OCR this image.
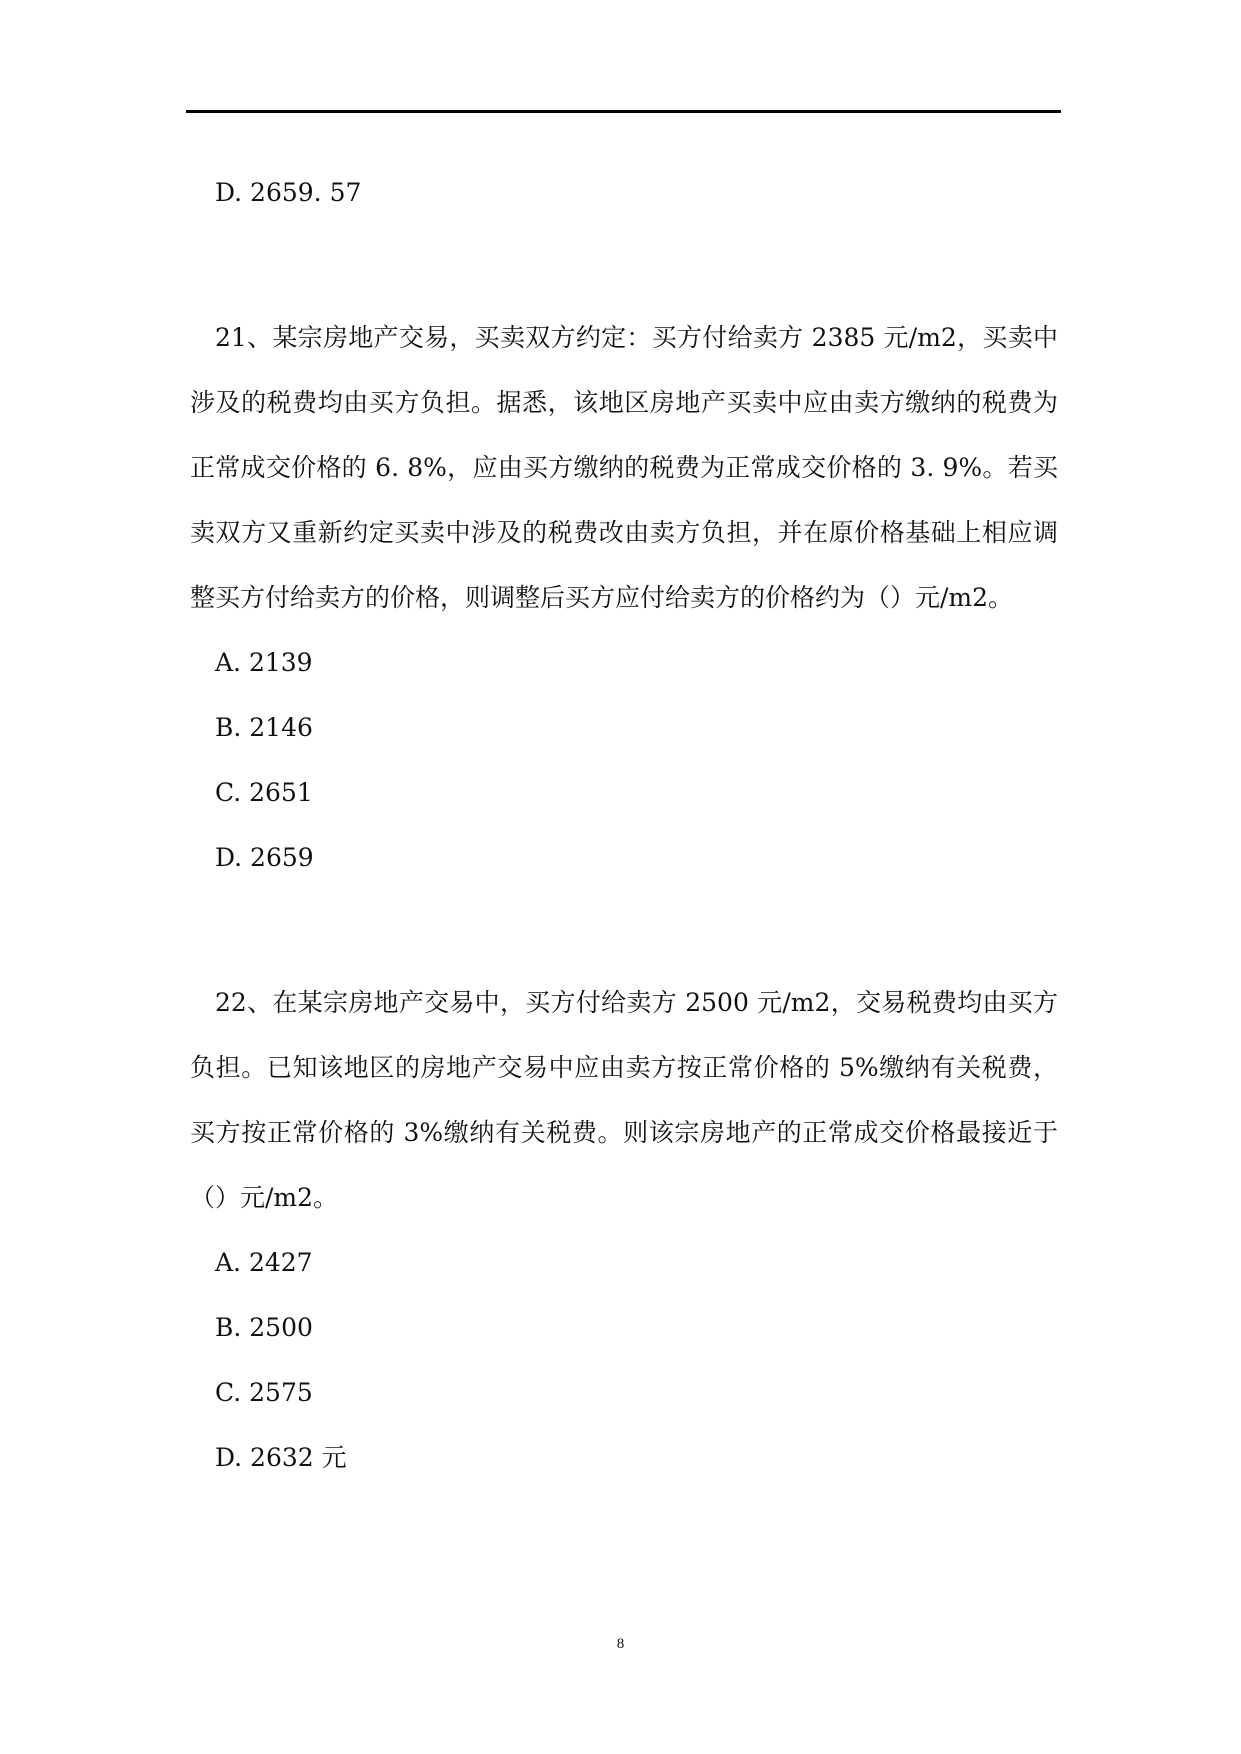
D. 2659. 57

21、某宗房地产交易，买卖双方约定：买方付给卖方 2385 元/m2，买卖中涉及的税费均由买方负担。据悉，该地区房地产买卖中应由卖方缴纳的税费为正常成交价格的 6. 8%，应由买方缴纳的税费为正常成交价格的 3. 9%。若买卖双方又重新约定买卖中涉及的税费改由卖方负担，并在原价格基础上相应调整买方付给卖方的价格，则调整后买方应付给卖方的价格约为（）元/m2。

A. 2139
B. 2146
C. 2651
D. 2659

22、在某宗房地产交易中，买方付给卖方 2500 元/m2，交易税费均由买方负担。已知该地区的房地产交易中应由卖方按正常价格的 5%缴纳有关税费，买方按正常价格的 3%缴纳有关税费。则该宗房地产的正常成交价格最接近于（）元/m2。

A. 2427
B. 2500
C. 2575
D. 2632 元
8
